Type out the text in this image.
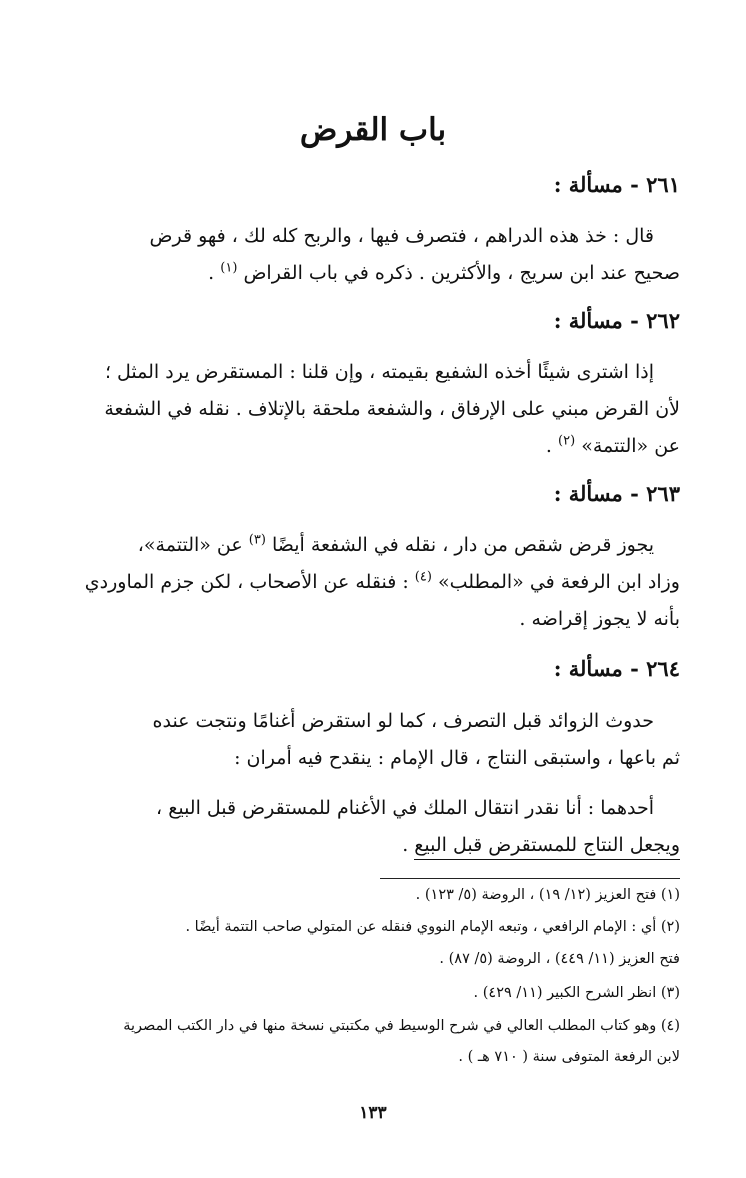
باب القرض
٢٦١ - مسألة :
قال : خذ هذه الدراهم ، فتصرف فيها ، والربح كله لك ، فهو قرض
صحيح عند ابن سريج ، والأكثرين . ذكره في باب القراض $^{(١)}$ .
٢٦٢ - مسألة :
إذا اشترى شيئًا أخذه الشفيع بقيمته ، وإن قلنا : المستقرض يرد المثل ؛
لأن القرض مبني على الإرفاق ، والشفعة ملحقة بالإتلاف . نقله في الشفعة
عن «التتمة» $^{(٢)}$ .
٢٦٣ - مسألة :
يجوز قرض شقص من دار ، نقله في الشفعة أيضًا $^{(٣)}$ عن «التتمة»،
وزاد ابن الرفعة في «المطلب» $^{(٤)}$ : فنقله عن الأصحاب ، لكن جزم الماوردي
بأنه لا يجوز إقراضه .
٢٦٤ - مسألة :
حدوث الزوائد قبل التصرف ، كما لو استقرض أغنامًا ونتجت عنده
ثم باعها ، واستبقى النتاج ، قال الإمام : ينقدح فيه أمران :
أحدهما : أنا نقدر انتقال الملك في الأغنام للمستقرض قبل البيع ،
ويجعل النتاج للمستقرض قبل البيع .
(١) فتح العزيز (١٢/ ١٩) ، الروضة (٥/ ١٢٣) .
(٢) أي : الإمام الرافعي ، وتبعه الإمام النووي فنقله عن المتولي صاحب التتمة أيضًا .
فتح العزيز (١١/ ٤٤٩) ، الروضة (٥/ ٨٧) .
(٣) انظر الشرح الكبير (١١/ ٤٢٩) .
(٤) وهو كتاب المطلب العالي في شرح الوسيط في مكتبتي نسخة منها في دار الكتب المصرية
لابن الرفعة المتوفى سنة ( ٧١٠ هـ ) .
١٣٣
